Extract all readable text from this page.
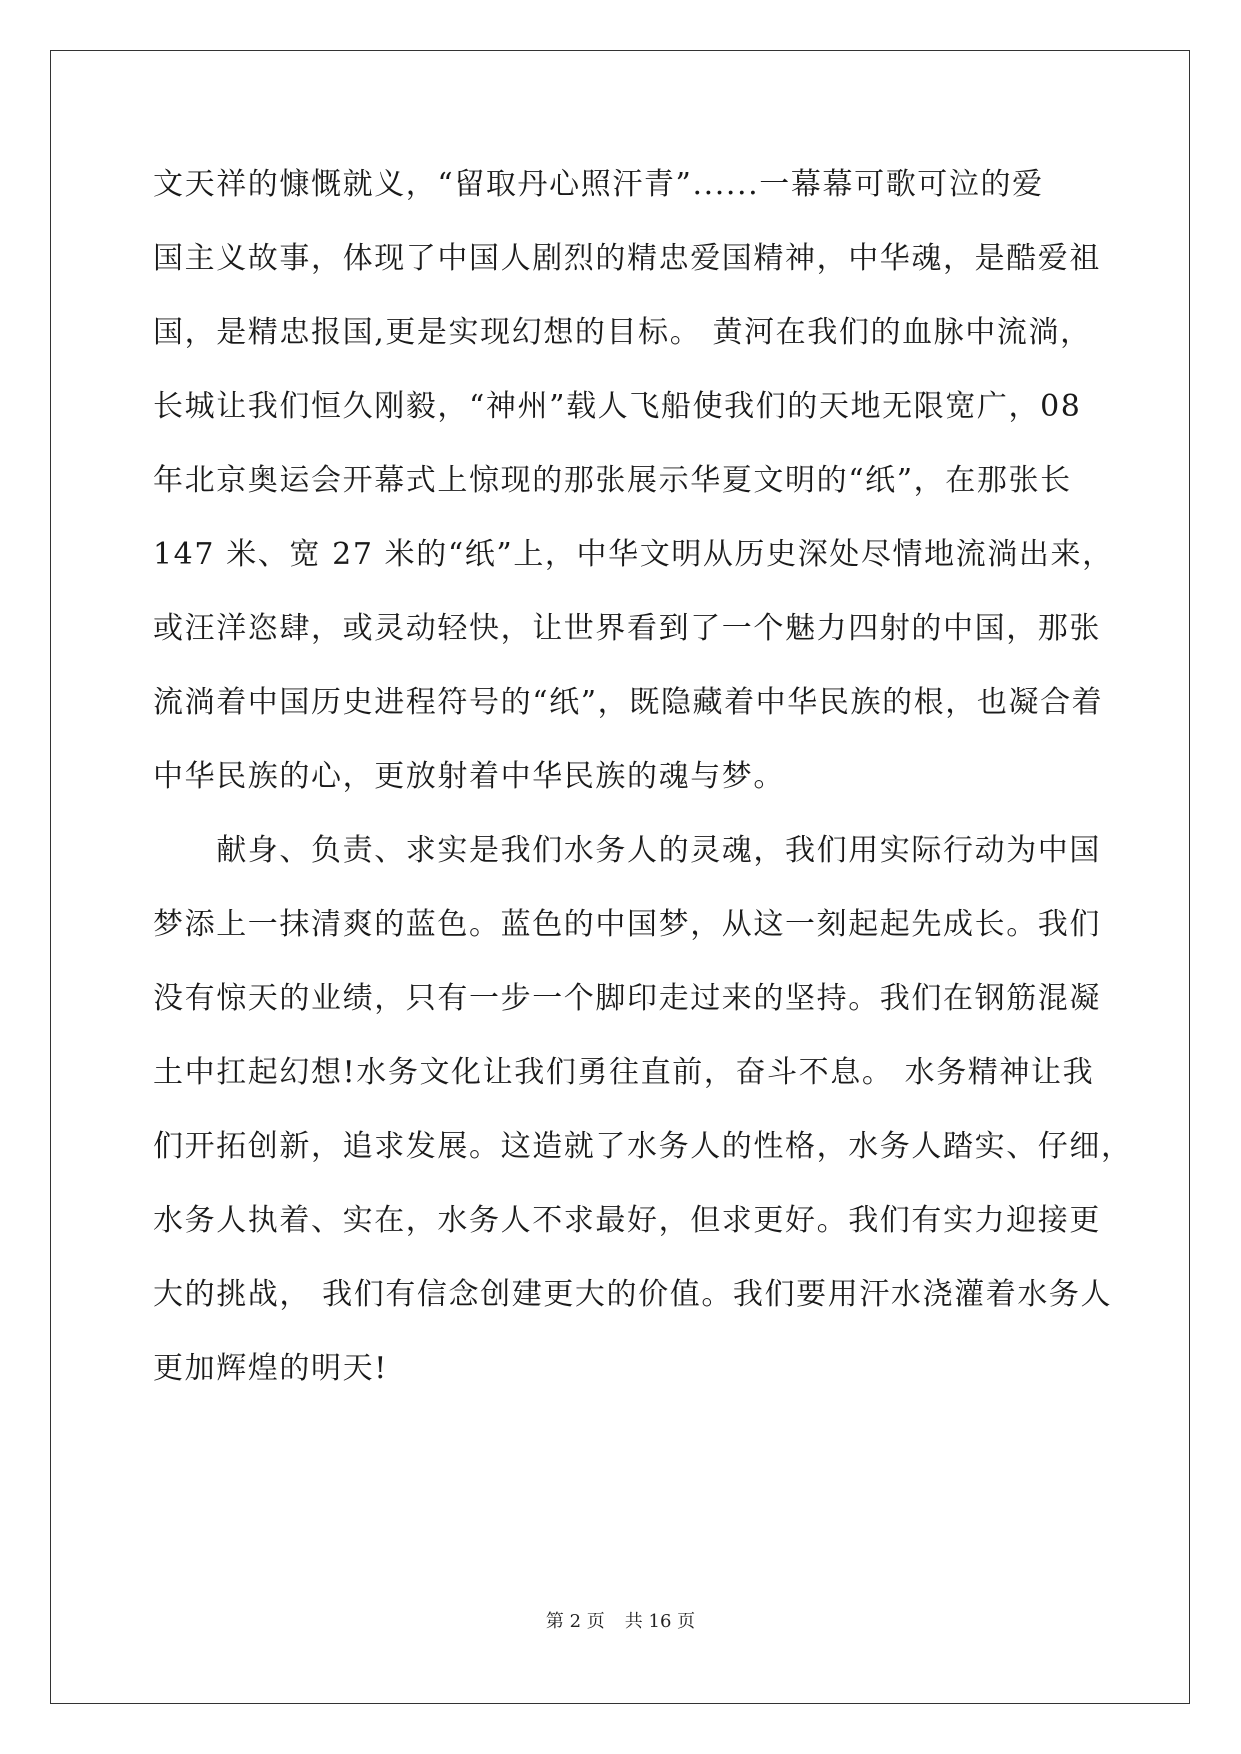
文天祥的慷慨就义，“留取丹心照汗青”......一幕幕可歌可泣的爱
国主义故事，体现了中国人剧烈的精忠爱国精神，中华魂，是酷爱祖
国，是精忠报国,更是实现幻想的目标。 黄河在我们的血脉中流淌，
长城让我们恒久刚毅，“神州”载人飞船使我们的天地无限宽广，08
年北京奥运会开幕式上惊现的那张展示华夏文明的“纸”，在那张长
147 米、宽 27 米的“纸”上，中华文明从历史深处尽情地流淌出来，
或汪洋恣肆，或灵动轻快，让世界看到了一个魅力四射的中国，那张
流淌着中国历史进程符号的“纸”，既隐藏着中华民族的根，也凝合着
中华民族的心，更放射着中华民族的魂与梦。
　　献身、负责、求实是我们水务人的灵魂，我们用实际行动为中国
梦添上一抹清爽的蓝色。蓝色的中国梦，从这一刻起起先成长。我们
没有惊天的业绩，只有一步一个脚印走过来的坚持。我们在钢筋混凝
土中扛起幻想!水务文化让我们勇往直前，奋斗不息。 水务精神让我
们开拓创新，追求发展。这造就了水务人的性格，水务人踏实、仔细，
水务人执着、实在，水务人不求最好，但求更好。我们有实力迎接更
大的挑战， 我们有信念创建更大的价值。我们要用汗水浇灌着水务人
更加辉煌的明天!
第 2 页 共 16 页
